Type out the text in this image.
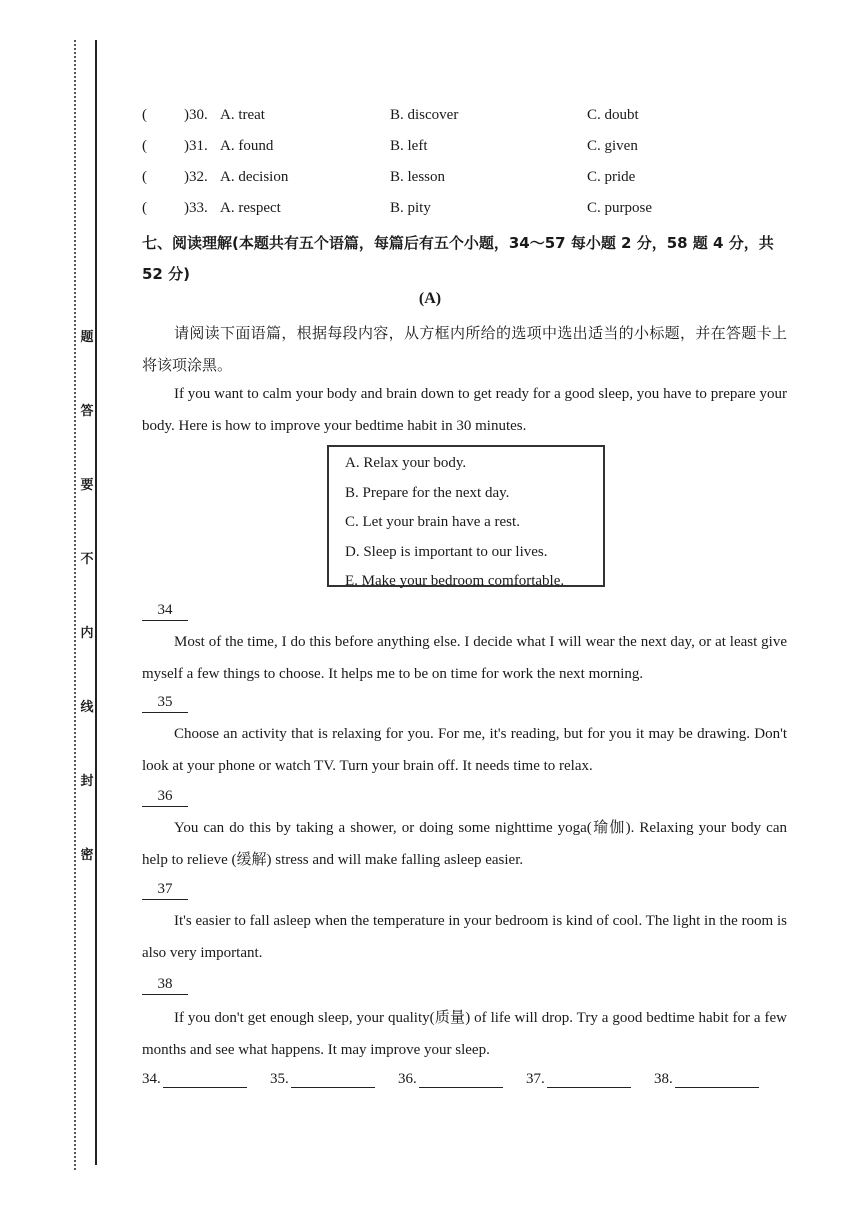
题
答
要
不
内
线
封
密
( )30. A. treat	B. discover	C. doubt
( )31. A. found	B. left	C. given
( )32. A. decision	B. lesson	C. pride
( )33. A. respect	B. pity	C. purpose
七、阅读理解(本题共有五个语篇，每篇后有五个小题，34～57 每小题 2 分，58 题 4 分，共 52 分)
(A)
请阅读下面语篇，根据每段内容，从方框内所给的选项中选出适当的小标题，并在答题卡上将该项涂黑。
If you want to calm your body and brain down to get ready for a good sleep, you have to prepare your body. Here is how to improve your bedtime habit in 30 minutes.
A. Relax your body.
B. Prepare for the next day.
C. Let your brain have a rest.
D. Sleep is important to our lives.
E. Make your bedroom comfortable.
34
Most of the time, I do this before anything else. I decide what I will wear the next day, or at least give myself a few things to choose. It helps me to be on time for work the next morning.
35
Choose an activity that is relaxing for you. For me, it's reading, but for you it may be drawing. Don't look at your phone or watch TV. Turn your brain off. It needs time to relax.
36
You can do this by taking a shower, or doing some nighttime yoga(瑜伽). Relaxing your body can help to relieve (缓解) stress and will make falling asleep easier.
37
It's easier to fall asleep when the temperature in your bedroom is kind of cool. The light in the room is also very important.
38
If you don't get enough sleep, your quality(质量) of life will drop. Try a good bedtime habit for a few months and see what happens. It may improve your sleep.
34.	35.	36.	37.	38.
